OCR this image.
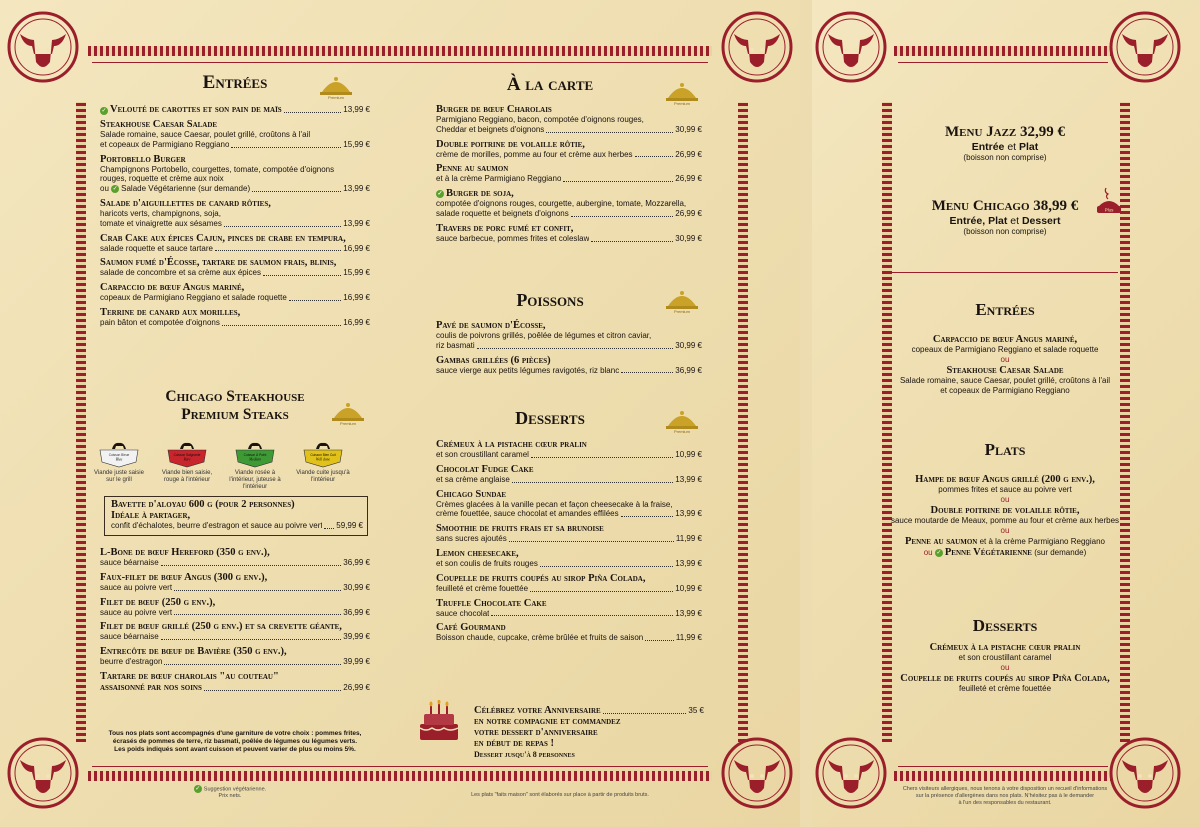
Entrées
Premium
✓ Velouté de carottes et son pain de maïs	13,99 €
Steakhouse Caesar Salade
Salade romaine, sauce Caesar, poulet grillé, croûtons à l'ail
et copeaux de Parmigiano Reggiano	15,99 €
Portobello Burger
Champignons Portobello, courgettes, tomate, compotée d'oignons
rouges, roquette et crème aux noix
ou ✓ Salade Végétarienne (sur demande)	13,99 €
Salade d'aiguillettes de canard rôties,
haricots verts, champignons, soja,
tomate et vinaigrette aux sésames	13,99 €
Crab Cake aux épices Cajun, pinces de crabe en tempura,
salade roquette et sauce tartare	16,99 €
Saumon fumé d'Écosse, tartare de saumon frais, blinis,
salade de concombre et sa crème aux épices	15,99 €
Carpaccio de bœuf Angus mariné,
copeaux de Parmigiano Reggiano et salade roquette	16,99 €
Terrine de canard aux morilles,
pain bâton et compotée d'oignons	16,99 €
Chicago Steakhouse
Premium Steaks
Premium
Cuisson Bleue
Bleu
Viande juste saisie sur le grill
Cuisson Saignante
Rare
Viande bien saisie, rouge à l'intérieur
Cuisson À Point
Medium
Viande rosée à l'intérieur, juteuse à l'intérieur
Cuisson Bien Cuit
Well done
Viande cuite jusqu'à l'intérieur
Bavette d'aloyau 600 g (pour 2 personnes)
Idéale à partager,
confit d'échalotes, beurre d'estragon et sauce au poivre vert 59,99 €
L-Bone de bœuf Hereford (350 g env.),
sauce béarnaise	36,99 €
Faux-filet de bœuf Angus (300 g env.),
sauce au poivre vert	30,99 €
Filet de bœuf (250 g env.),
sauce au poivre vert	36,99 €
Filet de bœuf grillé (250 g env.) et sa crevette géante,
sauce béarnaise	39,99 €
Entrecôte de bœuf de Bavière (350 g env.),
beurre d'estragon	39,99 €
Tartare de bœuf charolais "au couteau"
assaisonné par nos soins	26,99 €
Tous nos plats sont accompagnés d'une garniture de votre choix : pommes frites,
écrasés de pommes de terre, riz basmati, poêlée de légumes ou légumes verts.
Les poids indiqués sont avant cuisson et peuvent varier de plus ou moins 5%.
À la carte
Premium
Burger de bœuf Charolais
Parmigiano Reggiano, bacon, compotée d'oignons rouges,
Cheddar et beignets d'oignons	30,99 €
Double poitrine de volaille rôtie,
crème de morilles, pomme au four et crème aux herbes	26,99 €
Penne au saumon
et à la crème Parmigiano Reggiano	26,99 €
✓ Burger de soja,
compotée d'oignons rouges, courgette, aubergine, tomate, Mozzarella,
salade roquette et beignets d'oignons	26,99 €
Travers de porc fumé et confit,
sauce barbecue, pommes frites et coleslaw	30,99 €
Poissons
Premium
Pavé de saumon d'Écosse,
coulis de poivrons grillés, poêlée de légumes et citron caviar,
riz basmati	30,99 €
Gambas grillées (6 pièces)
sauce vierge aux petits légumes ravigotés, riz blanc	36,99 €
Desserts
Premium
Crémeux à la pistache cœur pralin
et son croustillant caramel	10,99 €
Chocolat Fudge Cake
et sa crème anglaise	13,99 €
Chicago Sundae
Crèmes glacées à la vanille pecan et façon cheesecake à la fraise,
crème fouettée, sauce chocolat et amandes effilées	13,99 €
Smoothie de fruits frais et sa brunoise
sans sucres ajoutés	11,99 €
Lemon cheesecake,
et son coulis de fruits rouges	13,99 €
Coupelle de fruits coupés au sirop Piña Colada,
feuilleté et crème fouettée	10,99 €
Truffle Chocolate Cake
sauce chocolat	13,99 €
Café Gourmand
Boisson chaude, cupcake, crème brûlée et fruits de saison	11,99 €
Célébrez votre Anniversaire	35 €
en notre compagnie et commandez
votre dessert d'anniversaire
en début de repas !
Dessert jusqu'à 8 personnes
✓ Suggestion végétarienne.
Prix nets.	Les plats "faits maison" sont élaborés sur place à partir de produits bruts.
Menu Jazz 32,99 €
Entrée et Plat
(boisson non comprise)
Menu Chicago 38,99 €
Entrée, Plat et Dessert
(boisson non comprise)
Plus
Entrées
Carpaccio de bœuf Angus mariné,
copeaux de Parmigiano Reggiano et salade roquette
ou
Steakhouse Caesar Salade
Salade romaine, sauce Caesar, poulet grillé, croûtons à l'ail
et copeaux de Parmigiano Reggiano
Plats
Hampe de bœuf Angus grillé (200 g env.),
pommes frites et sauce au poivre vert
ou
Double poitrine de volaille rôtie,
sauce moutarde de Meaux, pomme au four et crème aux herbes
ou
Penne au saumon et à la crème Parmigiano Reggiano
ou ✓ Penne Végétarienne (sur demande)
Desserts
Crémeux à la pistache cœur pralin
et son croustillant caramel
ou
Coupelle de fruits coupés au sirop Piña Colada,
feuilleté et crème fouettée
Chers visiteurs allergiques, nous tenons à votre disposition un recueil d'informations
sur la présence d'allergènes dans nos plats. N'hésitez pas à le demander
à l'un des responsables du restaurant.
